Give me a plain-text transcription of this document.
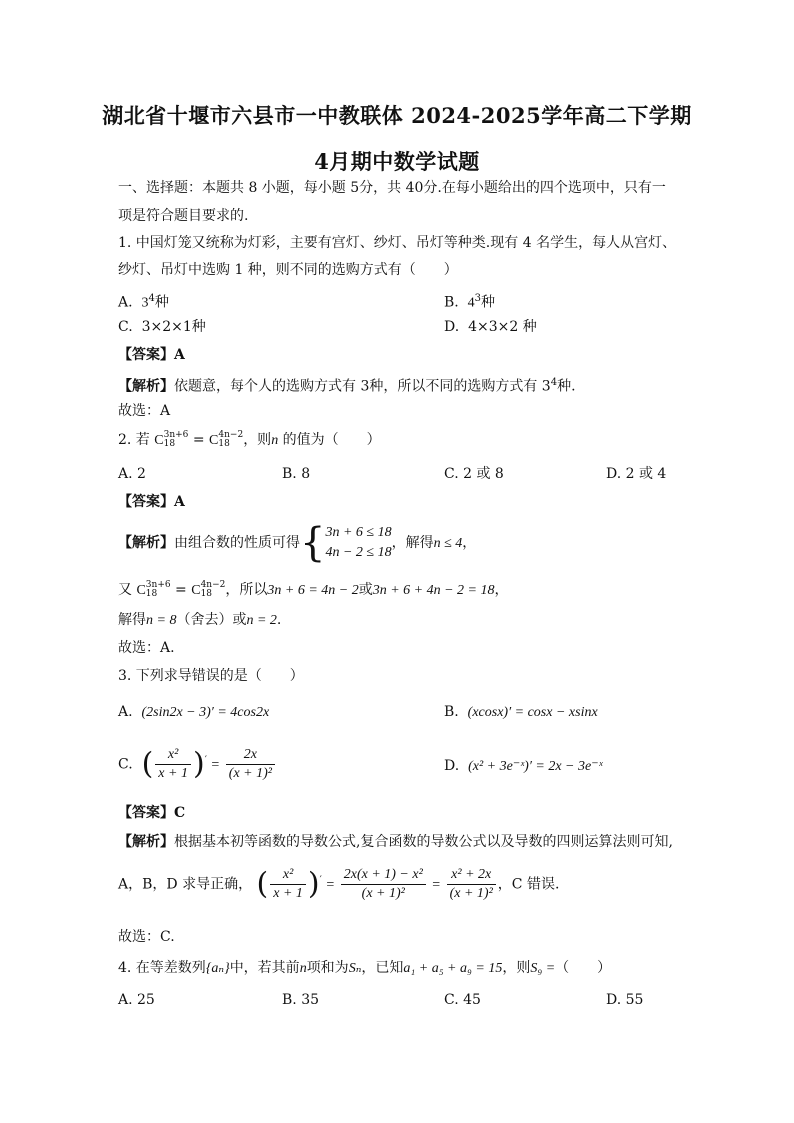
湖北省十堰市六县市一中教联体 2024-2025学年高二下学期
4月期中数学试题
一、选择题：本题共 8 小题，每小题 5分，共 40分.在每小题给出的四个选项中，只有一
项是符合题目要求的.
1. 中国灯笼又统称为灯彩，主要有宫灯、纱灯、吊灯等种类.现有 4 名学生，每人从宫灯、
纱灯、吊灯中选购 1 种，则不同的选购方式有（　　）
A. $3^4$种	B. $4^3$种
C. 3×2×1种	D. 4×3×2 种
【答案】A
【解析】依题意，每个人的选购方式有 3种，所以不同的选购方式有 $3^4$种.
故选：A
2. 若 C 3n+6
18 = C 4n−2
18 ，则n 的值为（　　）
A. 2	B. 8	C. 2 或 8	D. 2 或 4
【答案】A
【解析】由组合数的性质可得{ 3n + 6 ≤ 18
4n − 2 ≤ 18
，解得n ≤ 4，
又 C 3n+6
18 = C 4n−2
18 ，所以3n + 6 = 4n − 2或3n + 6 + 4n − 2 = 18，
解得n = 8（舍去）或n = 2.
故选：A.
3. 下列求导错误的是（　　）
A. (2sin2x − 3)′ = 4cos2x	B. (xcosx)′ = cosx − xsinx
C. ( $\frac{\text{x²}}{x + 1} )' = \frac{2x}{\text{(x + 1)²}}$	D. (x² + 3e⁻ˣ)′ = 2x − 3e⁻ˣ
【答案】C
【解析】根据基本初等函数的导数公式,复合函数的导数公式以及导数的四则运算法则可知,
A，B，D 求导正确， ( $\frac{\text{x²}}{x + 1} )' = \frac{\text{2x(x + 1) − x²}}{\text{(x + 1)²}} = \frac{\text{x² + 2x}}{\text{(x + 1)²}}$ ，C 错误.
故选：C.
4. 在等差数列{aₙ}中，若其前n项和为Sₙ，已知a₁ + a₅ + a₉ = 15，则S₉ =（　　）
A. 25	B. 35	C. 45	D. 55
